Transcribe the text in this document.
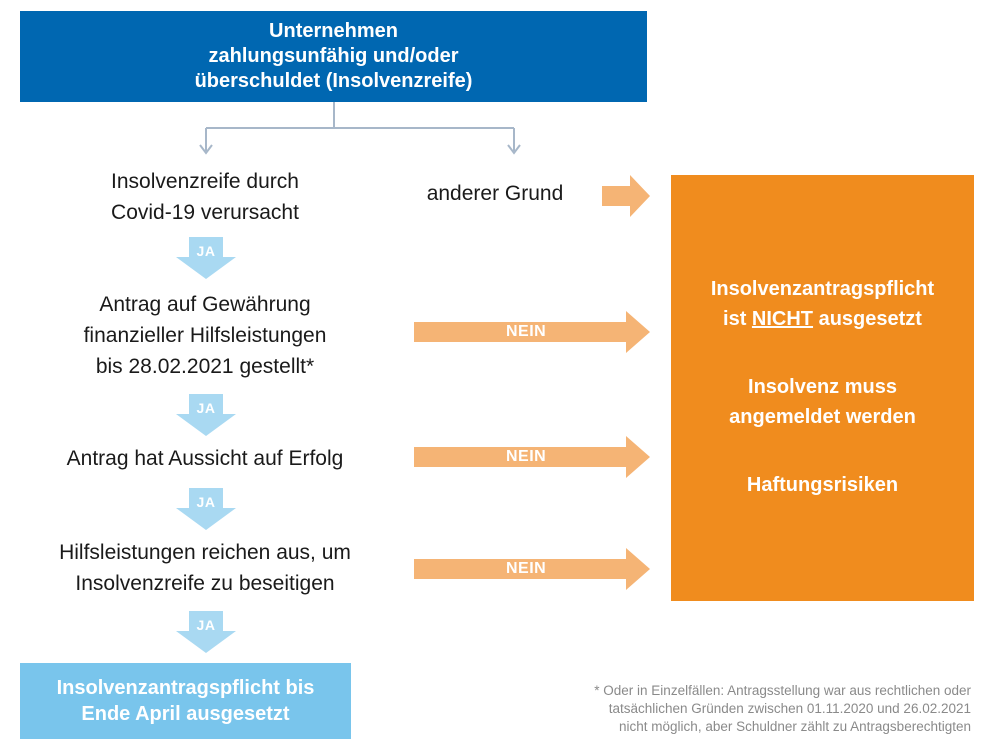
Unternehmen
zahlungsunfähig und/oder
überschuldet (Insolvenzreife)
Insolvenzreife durch
Covid-19 verursacht
anderer Grund
Antrag auf Gewährung
finanzieller Hilfsleistungen
bis 28.02.2021 gestellt*
Antrag hat Aussicht auf Erfolg
Hilfsleistungen reichen aus, um
Insolvenzreife zu beseitigen
JA
JA
JA
JA
NEIN
NEIN
NEIN
Insolvenzantragspflicht
ist NICHT ausgesetzt
Insolvenz muss
angemeldet werden
Haftungsrisiken
Insolvenzantragspflicht bis
Ende April ausgesetzt
* Oder in Einzelfällen: Antragsstellung war aus rechtlichen oder
tatsächlichen Gründen zwischen 01.11.2020 und 26.02.2021
nicht möglich, aber Schuldner zählt zu Antragsberechtigten
